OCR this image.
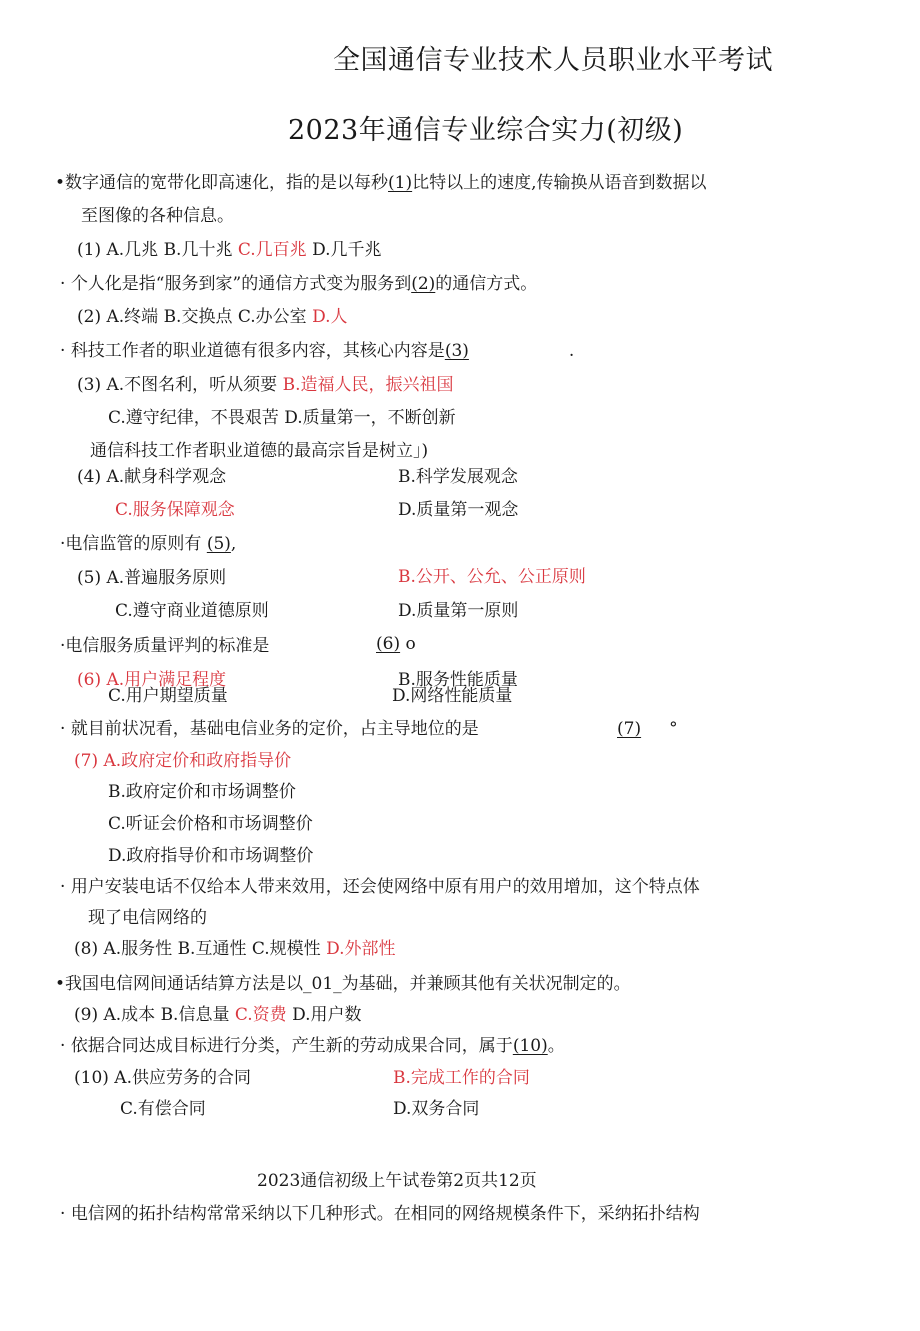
全国通信专业技术人员职业水平考试
2023年通信专业综合实力(初级)
•数字通信的宽带化即高速化，指的是以每秒(1)比特以上的速度,传输换从语音到数据以
至图像的各种信息。
(1) A.几兆 B.几十兆 C.几百兆 D.几千兆
· 个人化是指“服务到家”的通信方式变为服务到(2)的通信方式。
(2) A.终端 B.交换点 C.办公室 D.人
· 科技工作者的职业道德有很多内容，其核心内容是(3)	.
(3) A.不图名利，听从须要 B.造福人民，振兴祖国
C.遵守纪律，不畏艰苦 D.质量第一，不断创新
通信科技工作者职业道德的最高宗旨是树立」)
(4) A.献身科学观念	B.科学发展观念
C.服务保障观念	D.质量第一观念
·电信监管的原则有 (5),
(5) A.普遍服务原则	B.公开、公允、公正原则
C.遵守商业道德原则	D.质量第一原则
·电信服务质量评判的标准是	(6) o
(6) A.用户满足程度	B.服务性能质量
C.用户期望质量	D.网络性能质量
· 就目前状况看，基础电信业务的定价，占主导地位的是	(7) °
(7) A.政府定价和政府指导价
B.政府定价和市场调整价
C.听证会价格和市场调整价
D.政府指导价和市场调整价
· 用户安装电话不仅给本人带来效用，还会使网络中原有用户的效用增加，这个特点体
现了电信网络的
(8) A.服务性 B.互通性 C.规模性 D.外部性
•我国电信网间通话结算方法是以_01_为基础，并兼顾其他有关状况制定的。
(9) A.成本 B.信息量 C.资费 D.用户数
· 依据合同达成目标进行分类，产生新的劳动成果合同，属于(10)。
(10) A.供应劳务的合同	B.完成工作的合同
C.有偿合同	D.双务合同
2023通信初级上午试卷第2页共12页
· 电信网的拓扑结构常常采纳以下几种形式。在相同的网络规模条件下，采纳拓扑结构
